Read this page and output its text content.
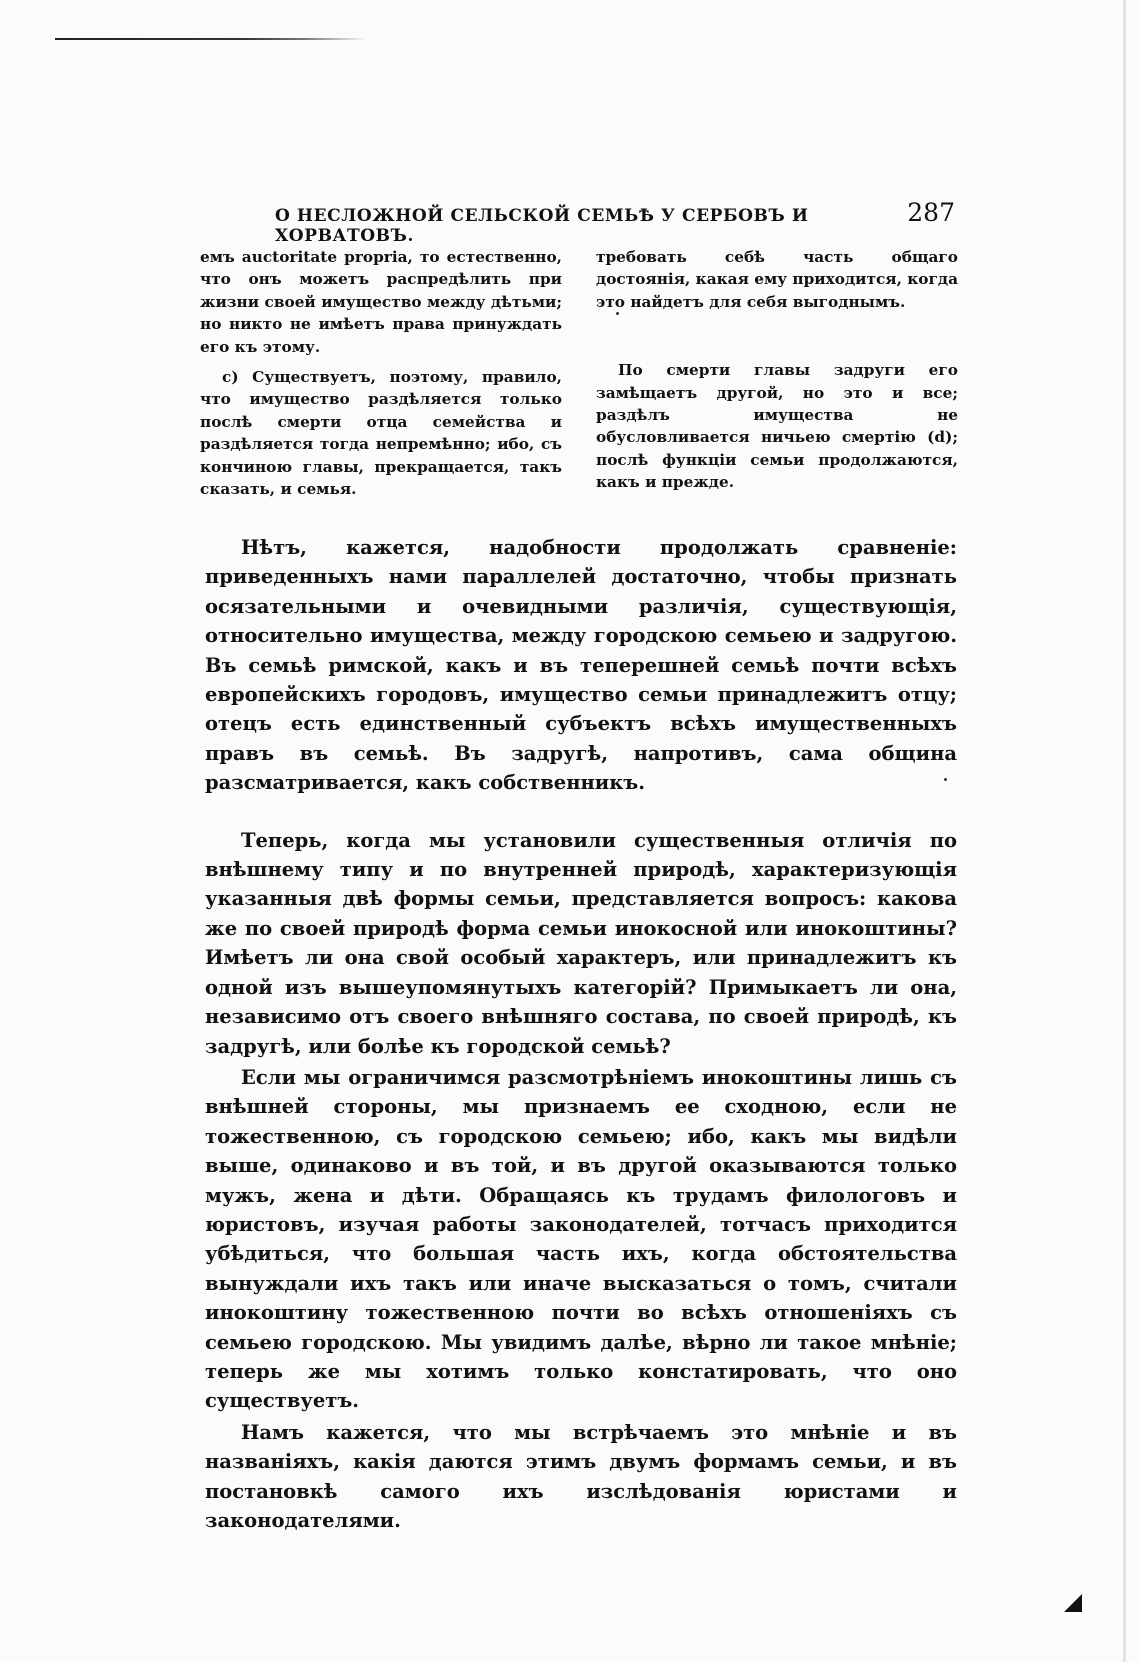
О НЕСЛОЖНОЙ СЕЛЬСКОЙ СЕМЬѢ У СЕРБОВЪ И ХОРВАТОВЪ.
287

емъ auctoritate propria, то естественно, что онъ можетъ распредѣлить при жизни своей имущество между дѣтьми; но никто не имѣетъ права принуждать его къ этому.

c) Существуетъ, поэтому, правило, что имущество раздѣляется только послѣ смерти отца семейства и раздѣляется тогда непремѣнно; ибо, съ кончиною главы, прекращается, такъ сказать, и семья.

требовать себѣ часть общаго достоянія, какая ему приходится, когда это найдетъ для себя выгоднымъ.

По смерти главы задруги его замѣщаетъ другой, но это и все; раздѣлъ имущества не обусловливается ничьею смертію (d); послѣ функціи семьи продолжаются, какъ и прежде.

Нѣтъ, кажется, надобности продолжать сравненіе: приведенныхъ нами параллелей достаточно, чтобы признать осязательными и очевидными различія, существующія, относительно имущества, между городскою семьею и задругою. Въ семьѣ римской, какъ и въ теперешней семьѣ почти всѣхъ европейскихъ городовъ, имущество семьи принадлежитъ отцу; отецъ есть единственный субъектъ всѣхъ имущественныхъ правъ въ семьѣ. Въ задругѣ, напротивъ, сама община разсматривается, какъ собственникъ.

Теперь, когда мы установили существенныя отличія по внѣшнему типу и по внутренней природѣ, характеризующія указанныя двѣ формы семьи, представляется вопросъ: какова же по своей природѣ форма семьи инокосной или инокоштины? Имѣетъ ли она свой особый характеръ, или принадлежитъ къ одной изъ вышеупомянутыхъ категорій? Примыкаетъ ли она, независимо отъ своего внѣшняго состава, по своей природѣ, къ задругѣ, или болѣе къ городской семьѣ?

Если мы ограничимся разсмотрѣніемъ инокоштины лишь съ внѣшней стороны, мы признаемъ ее сходною, если не тожественною, съ городскою семьею; ибо, какъ мы видѣли выше, одинаково и въ той, и въ другой оказываются только мужъ, жена и дѣти. Обращаясь къ трудамъ филологовъ и юристовъ, изучая работы законодателей, тотчасъ приходится убѣдиться, что большая часть ихъ, когда обстоятельства вынуждали ихъ такъ или иначе высказаться о томъ, считали инокоштину тожественною почти во всѣхъ отношеніяхъ съ семьею городскою. Мы увидимъ далѣе, вѣрно ли такое мнѣніе; теперь же мы хотимъ только констатировать, что оно существуетъ.

Намъ кажется, что мы встрѣчаемъ это мнѣніе и въ названіяхъ, какія даются этимъ двумъ формамъ семьи, и въ постановкѣ самого ихъ изслѣдованія юристами и законодателями.
